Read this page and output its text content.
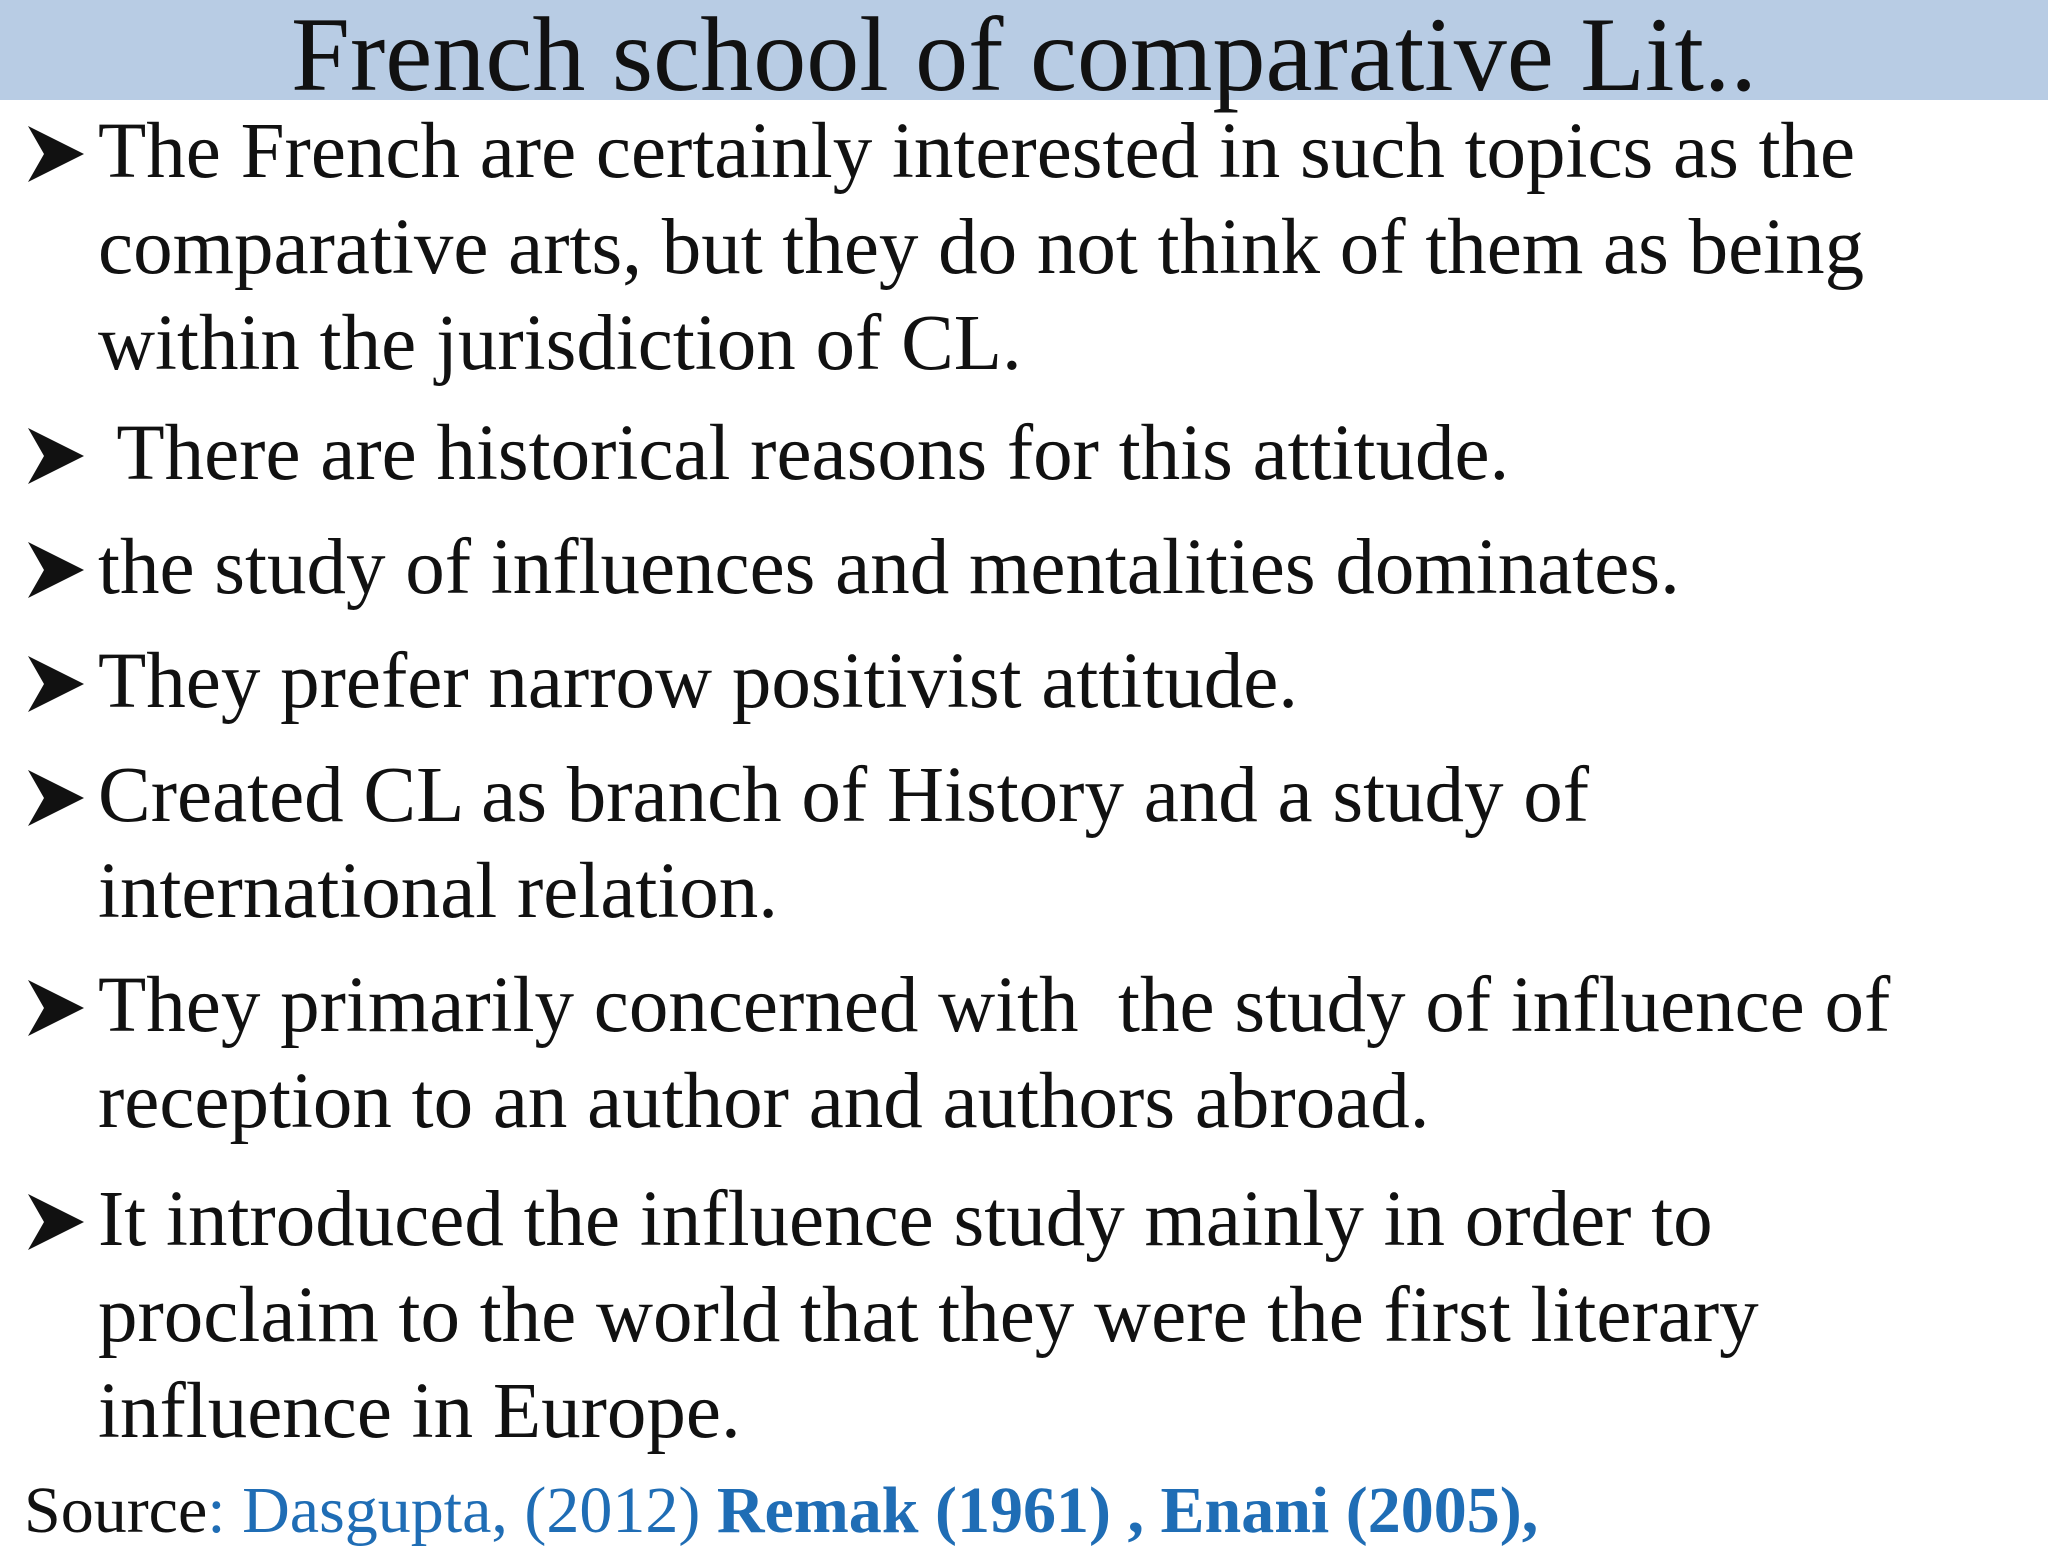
French school of comparative Lit..
The French are certainly interested in such topics as the
comparative arts, but they do not think of them as being
within the jurisdiction of CL.
There are historical reasons for this attitude.
the study of influences and mentalities dominates.
They prefer narrow positivist attitude.
Created CL as branch of History and a study of
international relation.
They primarily concerned with  the study of influence of
reception to an author and authors abroad.
It introduced the influence study mainly in order to
proclaim to the world that they were the first literary
influence in Europe.
Source: Dasgupta, (2012) Remak (1961) , Enani (2005),
